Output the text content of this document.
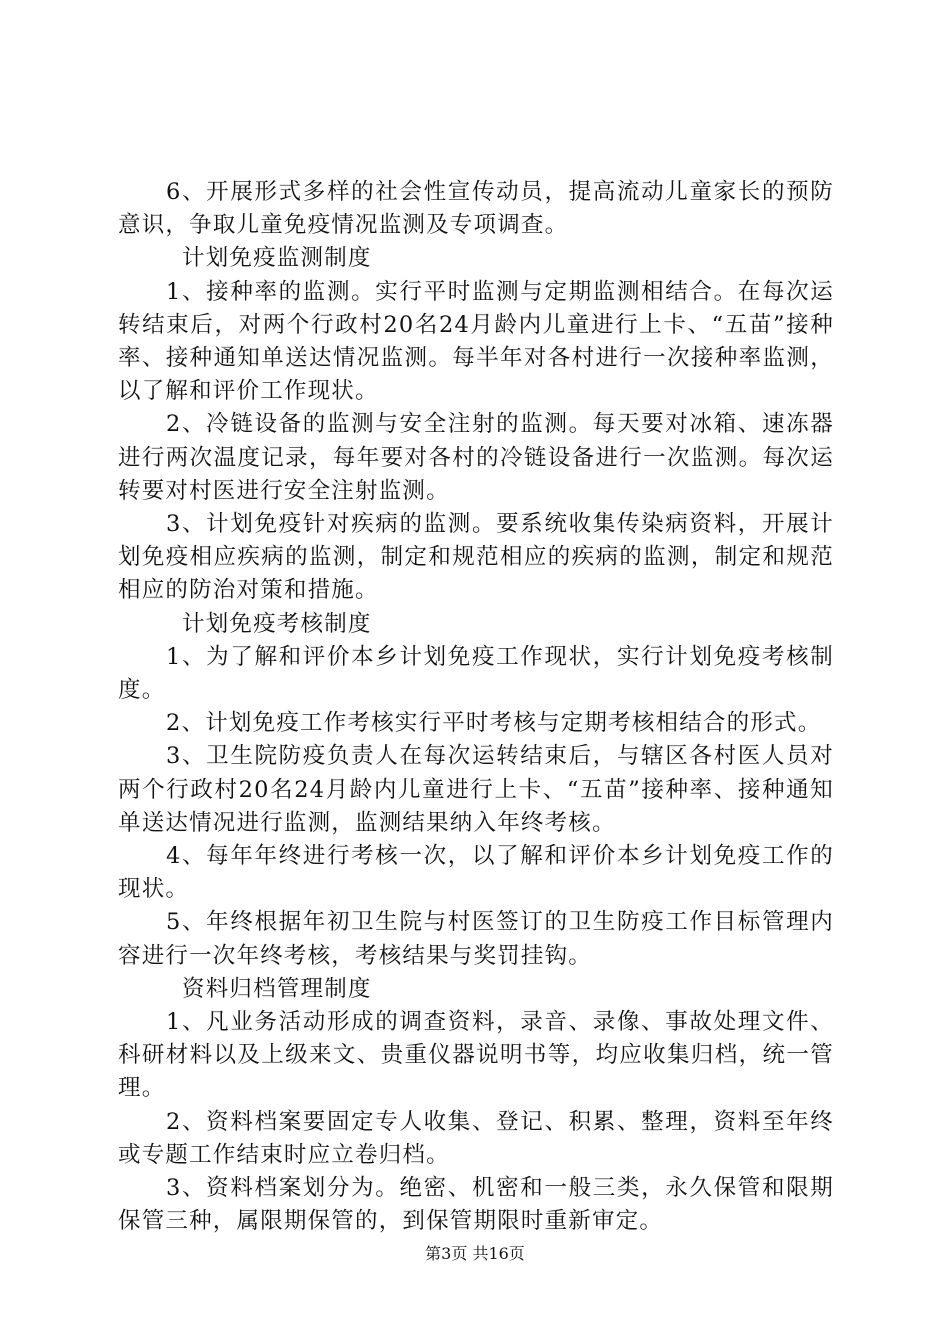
6、开展形式多样的社会性宣传动员，提高流动儿童家长的预防意识，争取儿童免疫情况监测及专项调查。

计划免疫监测制度

1、接种率的监测。实行平时监测与定期监测相结合。在每次运转结束后，对两个行政村20名24月龄内儿童进行上卡、“五苗”接种率、接种通知单送达情况监测。每半年对各村进行一次接种率监测，以了解和评价工作现状。

2、冷链设备的监测与安全注射的监测。每天要对冰箱、速冻器进行两次温度记录，每年要对各村的冷链设备进行一次监测。每次运转要对村医进行安全注射监测。

3、计划免疫针对疾病的监测。要系统收集传染病资料，开展计划免疫相应疾病的监测，制定和规范相应的疾病的监测，制定和规范相应的防治对策和措施。

计划免疫考核制度

1、为了解和评价本乡计划免疫工作现状，实行计划免疫考核制度。

2、计划免疫工作考核实行平时考核与定期考核相结合的形式。

3、卫生院防疫负责人在每次运转结束后，与辖区各村医人员对两个行政村20名24月龄内儿童进行上卡、“五苗”接种率、接种通知单送达情况进行监测，监测结果纳入年终考核。

4、每年年终进行考核一次，以了解和评价本乡计划免疫工作的现状。

5、年终根据年初卫生院与村医签订的卫生防疫工作目标管理内容进行一次年终考核，考核结果与奖罚挂钩。

资料归档管理制度

1、凡业务活动形成的调查资料，录音、录像、事故处理文件、科研材料以及上级来文、贵重仪器说明书等，均应收集归档，统一管理。

2、资料档案要固定专人收集、登记、积累、整理，资料至年终或专题工作结束时应立卷归档。

3、资料档案划分为。绝密、机密和一般三类，永久保管和限期保管三种，属限期保管的，到保管期限时重新审定。

第3页 共16页
